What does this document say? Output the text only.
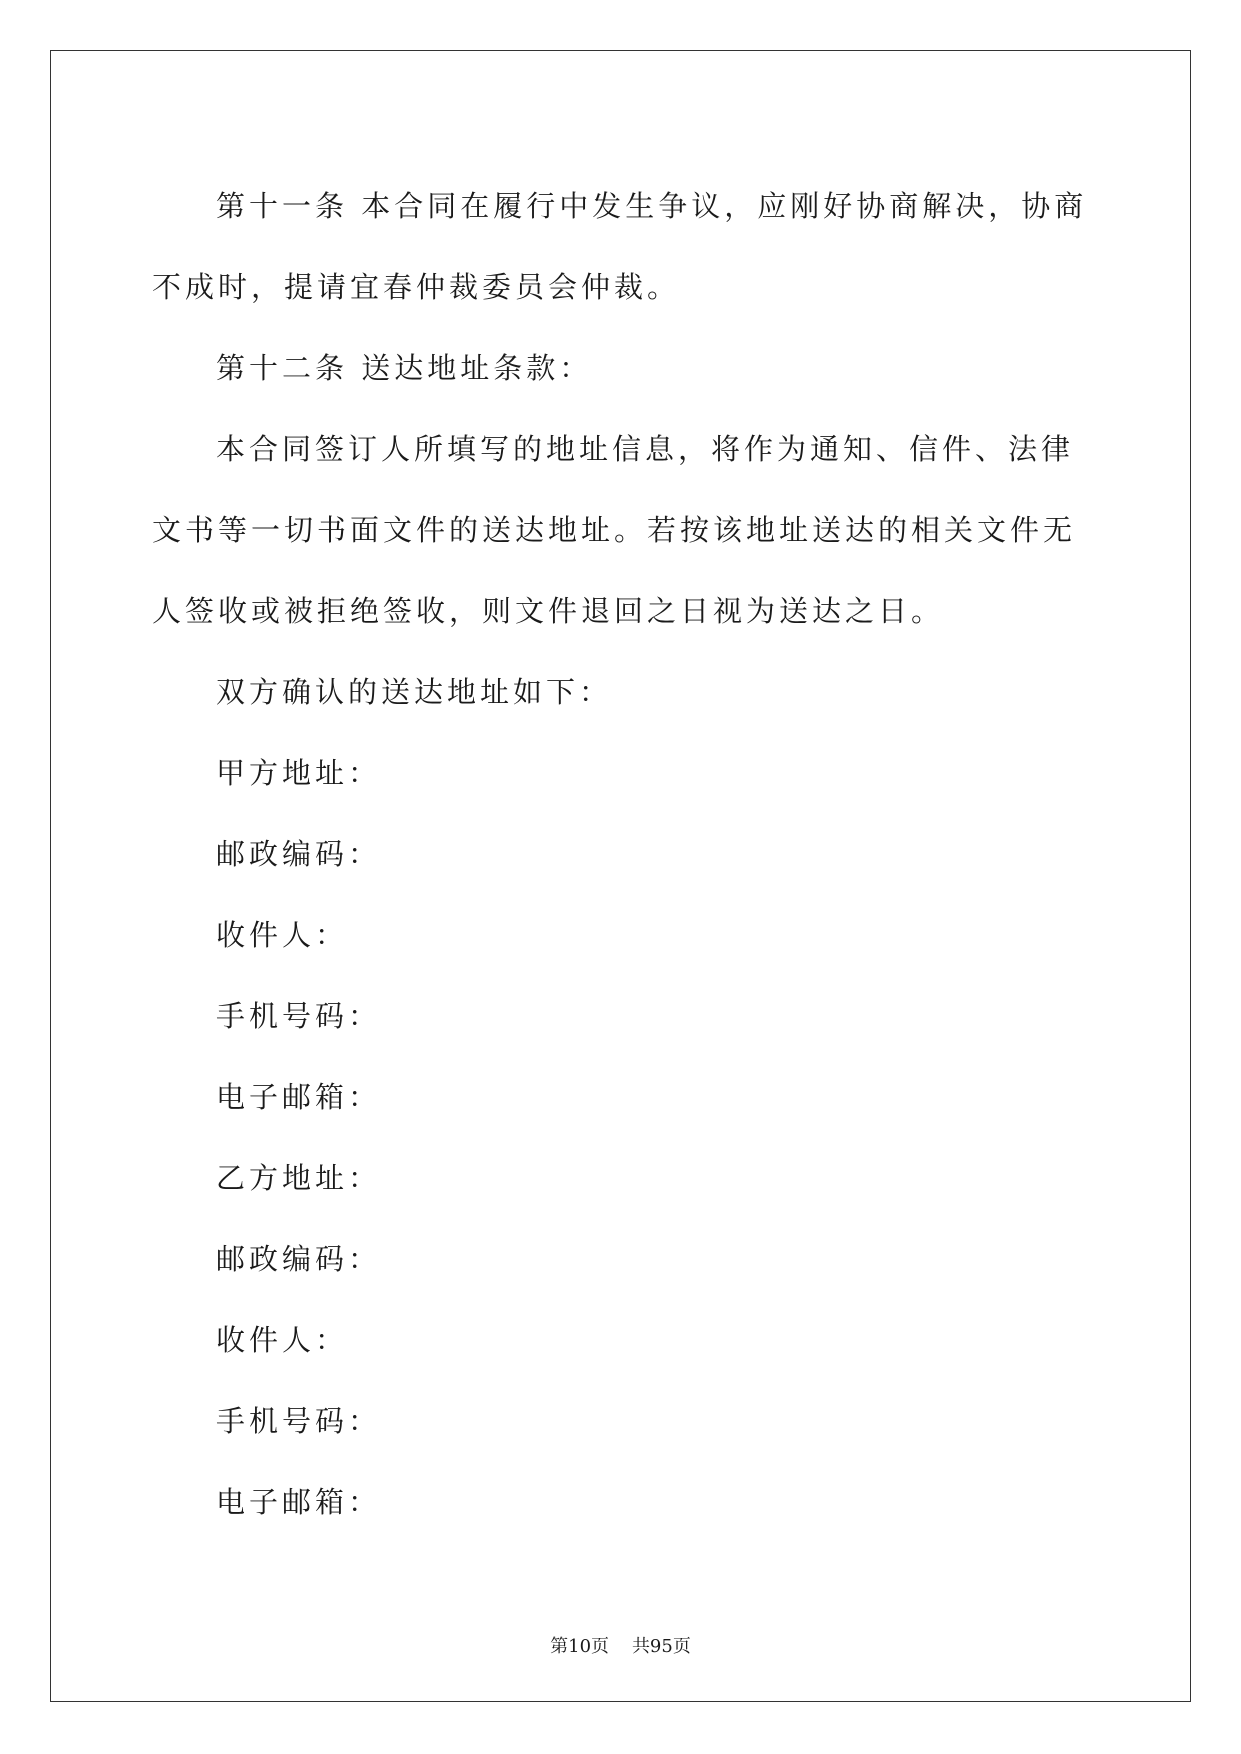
第十一条 本合同在履行中发生争议，应刚好协商解决，协商不成时，提请宜春仲裁委员会仲裁。

第十二条 送达地址条款：

本合同签订人所填写的地址信息，将作为通知、信件、法律文书等一切书面文件的送达地址。若按该地址送达的相关文件无人签收或被拒绝签收，则文件退回之日视为送达之日。

双方确认的送达地址如下：

甲方地址：

邮政编码：

收件人：

手机号码：

电子邮箱：

乙方地址：

邮政编码：

收件人：

手机号码：

电子邮箱：

第10页 共95页
